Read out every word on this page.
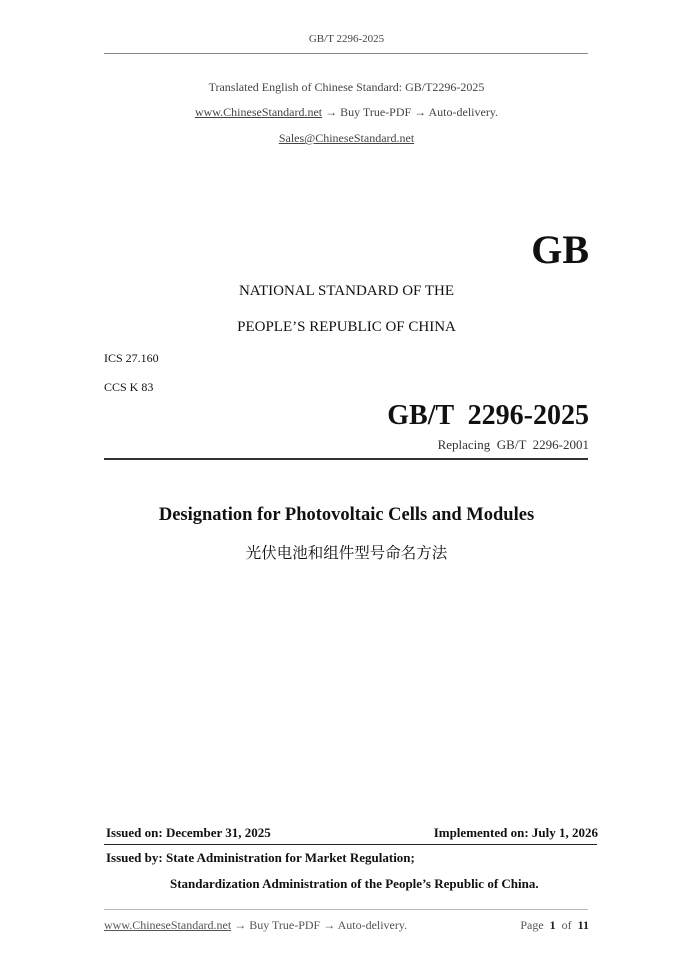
GB/T 2296-2025
Translated English of Chinese Standard: GB/T2296-2025
www.ChineseStandard.net → Buy True-PDF → Auto-delivery.
Sales@ChineseStandard.net
GB
NATIONAL STANDARD OF THE
PEOPLE’S REPUBLIC OF CHINA
ICS 27.160
CCS K 83
GB/T  2296-2025
Replacing  GB/T  2296-2001
Designation for Photovoltaic Cells and Modules
光伏电池和组件型号命名方法
Issued on: December 31, 2025	Implemented on: July 1, 2026
Issued by: State Administration for Market Regulation;
Standardization Administration of the People’s Republic of China.
www.ChineseStandard.net → Buy True-PDF → Auto-delivery.	Page 1 of 11
